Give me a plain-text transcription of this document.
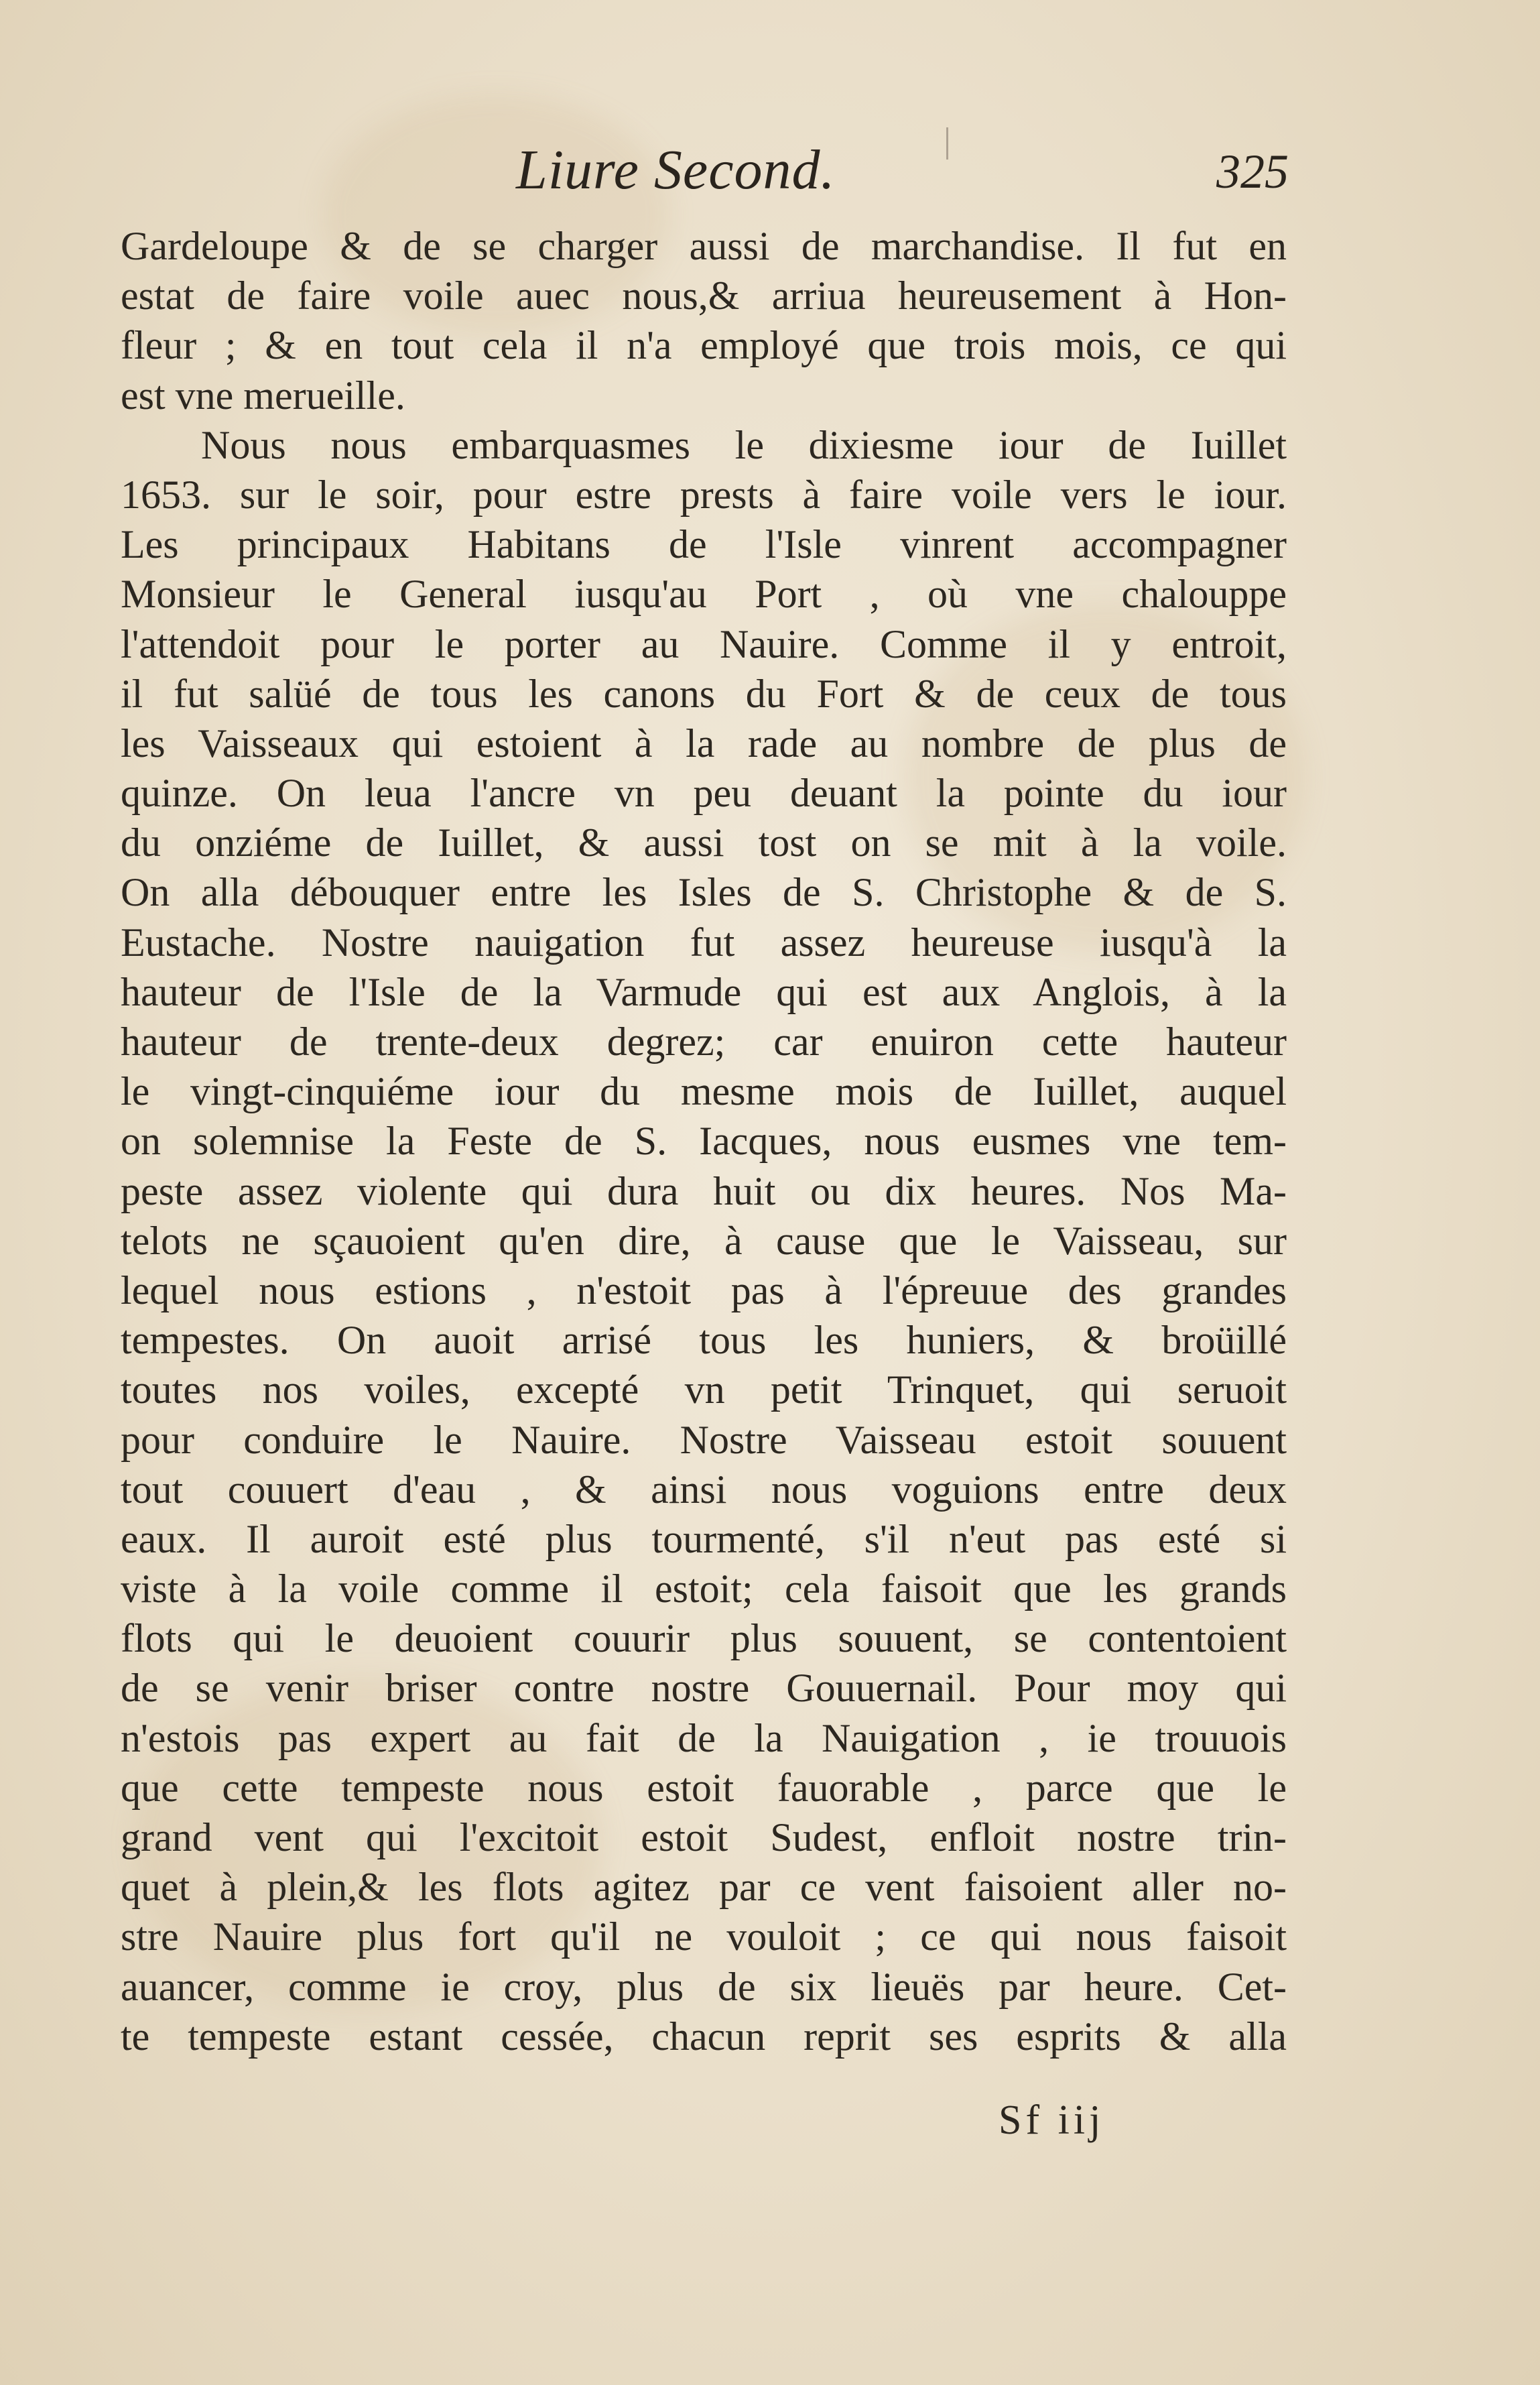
Liure Second.	325
Gardeloupe & de se charger aussi de marchandise. Il fut en
estat de faire voile auec nous,& arriua heureusement à Hon-
fleur ; & en tout cela il n'a employé que trois mois, ce qui
est vne merueille.
Nous nous embarquasmes le dixiesme iour de Iuillet
1653. sur le soir, pour estre prests à faire voile vers le iour.
Les principaux Habitans de l'Isle vinrent accompagner
Monsieur le General iusqu'au Port , où vne chalouppe
l'attendoit pour le porter au Nauire. Comme il y entroit,
il fut salüé de tous les canons du Fort & de ceux de tous
les Vaisseaux qui estoient à la rade au nombre de plus de
quinze. On leua l'ancre vn peu deuant la pointe du iour
du onziéme de Iuillet, & aussi tost on se mit à la voile.
On alla débouquer entre les Isles de S. Christophe & de S.
Eustache. Nostre nauigation fut assez heureuse iusqu'à la
hauteur de l'Isle de la Varmude qui est aux Anglois, à la
hauteur de trente-deux degrez; car enuiron cette hauteur
le vingt-cinquiéme iour du mesme mois de Iuillet, auquel
on solemnise la Feste de S. Iacques, nous eusmes vne tem-
peste assez violente qui dura huit ou dix heures. Nos Ma-
telots ne sçauoient qu'en dire, à cause que le Vaisseau, sur
lequel nous estions , n'estoit pas à l'épreuue des grandes
tempestes. On auoit arrisé tous les huniers, & broüillé
toutes nos voiles, excepté vn petit Trinquet, qui seruoit
pour conduire le Nauire. Nostre Vaisseau estoit souuent
tout couuert d'eau , & ainsi nous voguions entre deux
eaux. Il auroit esté plus tourmenté, s'il n'eut pas esté si
viste à la voile comme il estoit; cela faisoit que les grands
flots qui le deuoient couurir plus souuent, se contentoient
de se venir briser contre nostre Gouuernail. Pour moy qui
n'estois pas expert au fait de la Nauigation , ie trouuois
que cette tempeste nous estoit fauorable , parce que le
grand vent qui l'excitoit estoit Sudest, enfloit nostre trin-
quet à plein,& les flots agitez par ce vent faisoient aller no-
stre Nauire plus fort qu'il ne vouloit ; ce qui nous faisoit
auancer, comme ie croy, plus de six lieuës par heure. Cet-
te tempeste estant cessée, chacun reprit ses esprits & alla
Sf iij
